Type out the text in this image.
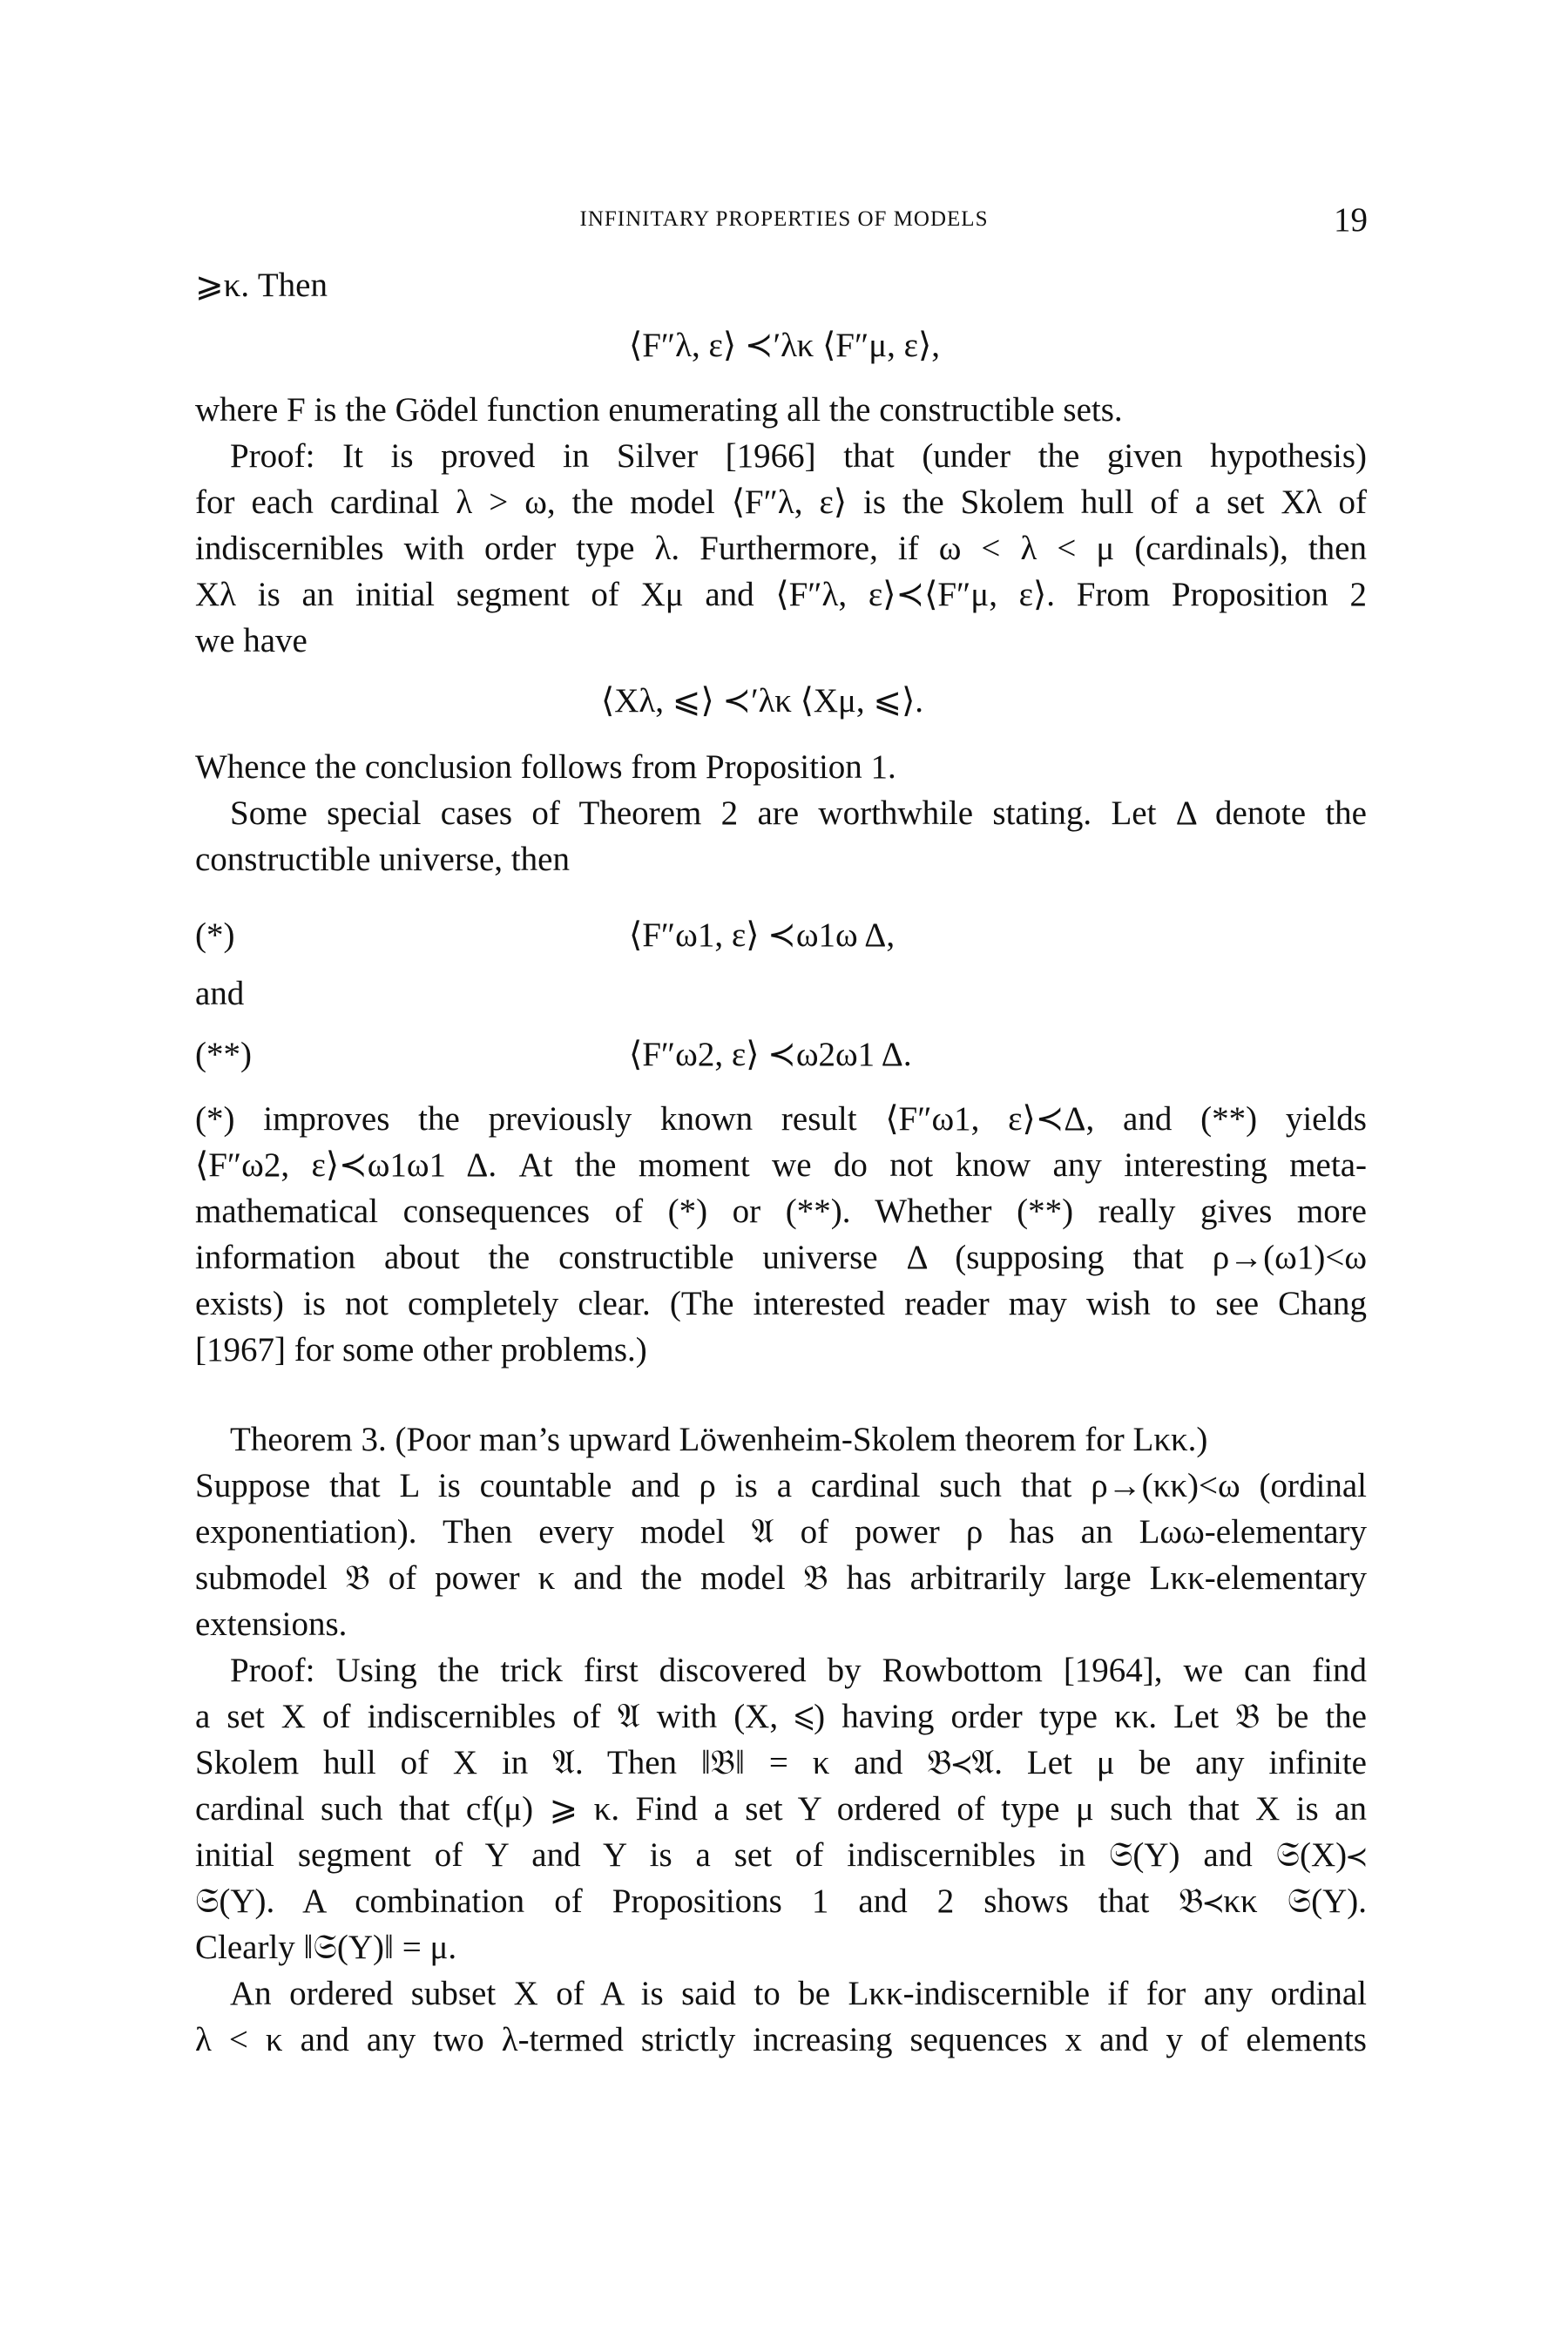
INFINITARY PROPERTIES OF MODELS	19
⩾κ. Then
⟨F″λ, ε⟩ ≺′λκ ⟨F″μ, ε⟩,
where F is the Gödel function enumerating all the constructible sets.
Proof: It is proved in Silver [1966] that (under the given hypothesis)
for each cardinal λ > ω, the model ⟨F″λ, ε⟩ is the Skolem hull of a set Xλ of
indiscernibles with order type λ. Furthermore, if ω < λ < μ (cardinals), then
Xλ is an initial segment of Xμ and ⟨F″λ, ε⟩≺⟨F″μ, ε⟩. From Proposition 2
we have
⟨Xλ, ⩽⟩ ≺′λκ ⟨Xμ, ⩽⟩.
Whence the conclusion follows from Proposition 1.
Some special cases of Theorem 2 are worthwhile stating. Let Δ denote the
constructible universe, then
(*)	⟨F″ω1, ε⟩ ≺ω1ω Δ,
and
(**)	⟨F″ω2, ε⟩ ≺ω2ω1 Δ.
(*) improves the previously known result ⟨F″ω1, ε⟩≺Δ, and (**) yields
⟨F″ω2, ε⟩≺ω1ω1 Δ. At the moment we do not know any interesting meta-
mathematical consequences of (*) or (**). Whether (**) really gives more
information about the constructible universe Δ (supposing that ρ→(ω1)<ω
exists) is not completely clear. (The interested reader may wish to see Chang
[1967] for some other problems.)
Theorem 3. (Poor man’s upward Löwenheim-Skolem theorem for Lκκ.)
Suppose that L is countable and ρ is a cardinal such that ρ→(κκ)<ω (ordinal
exponentiation). Then every model 𝔄 of power ρ has an Lωω-elementary
submodel 𝔅 of power κ and the model 𝔅 has arbitrarily large Lκκ-elementary
extensions.
Proof: Using the trick first discovered by Rowbottom [1964], we can find
a set X of indiscernibles of 𝔄 with (X, ⩽) having order type κκ. Let 𝔅 be the
Skolem hull of X in 𝔄. Then ‖𝔅‖ = κ and 𝔅≺𝔄. Let μ be any infinite
cardinal such that cf(μ) ⩾ κ. Find a set Y ordered of type μ such that X is an
initial segment of Y and Y is a set of indiscernibles in 𝔖(Y) and 𝔖(X)≺
𝔖(Y). A combination of Propositions 1 and 2 shows that 𝔅≺κκ 𝔖(Y).
Clearly ‖𝔖(Y)‖ = μ.
An ordered subset X of A is said to be Lκκ-indiscernible if for any ordinal
λ < κ and any two λ-termed strictly increasing sequences x and y of elements
